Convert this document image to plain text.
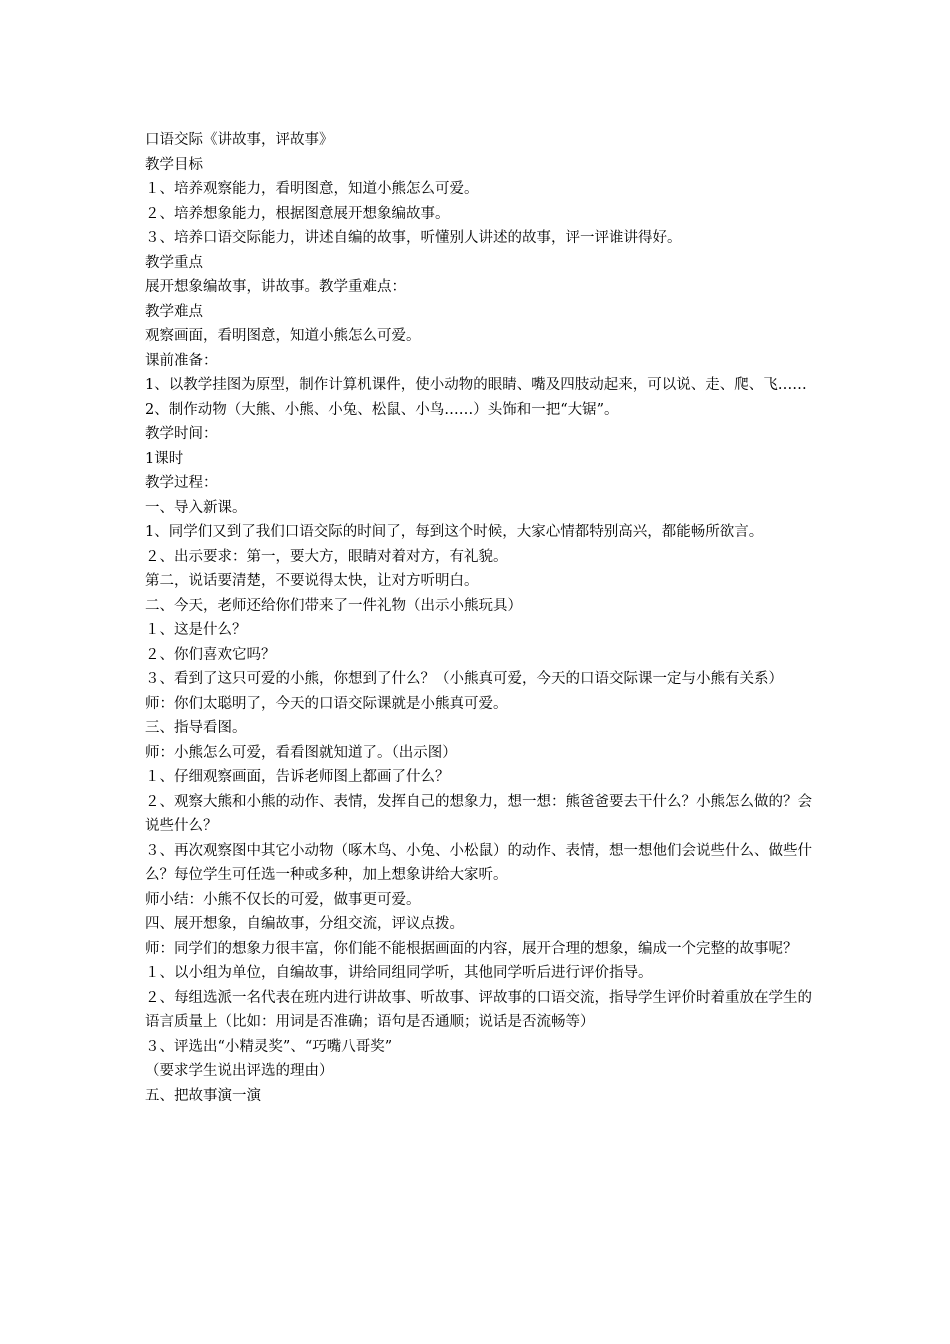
口语交际《讲故事，评故事》

教学目标

１、培养观察能力，看明图意，知道小熊怎么可爱。

２、培养想象能力，根据图意展开想象编故事。

３、培养口语交际能力，讲述自编的故事，听懂别人讲述的故事，评一评谁讲得好。

教学重点

展开想象编故事，讲故事。教学重难点：

教学难点

观察画面，看明图意，知道小熊怎么可爱。

课前准备：

1、以教学挂图为原型，制作计算机课件，使小动物的眼睛、嘴及四肢动起来，可以说、走、爬、飞……

2、制作动物（大熊、小熊、小兔、松鼠、小鸟……）头饰和一把“大锯”。

教学时间：

1课时

教学过程：

一、导入新课。

1、同学们又到了我们口语交际的时间了，每到这个时候，大家心情都特别高兴，都能畅所欲言。

２、出示要求：第一，要大方，眼睛对着对方，有礼貌。

第二，说话要清楚，不要说得太快，让对方听明白。

二、今天，老师还给你们带来了一件礼物（出示小熊玩具）

１、这是什么？

２、你们喜欢它吗？

３、看到了这只可爱的小熊，你想到了什么？（小熊真可爱，今天的口语交际课一定与小熊有关系）

师：你们太聪明了，今天的口语交际课就是小熊真可爱。

三、指导看图。

师：小熊怎么可爱，看看图就知道了。（出示图）

１、仔细观察画面，告诉老师图上都画了什么？

２、观察大熊和小熊的动作、表情，发挥自己的想象力，想一想：熊爸爸要去干什么？小熊怎么做的？会说些什么？

３、再次观察图中其它小动物（啄木鸟、小兔、小松鼠）的动作、表情，想一想他们会说些什么、做些什么？每位学生可任选一种或多种，加上想象讲给大家听。

师小结：小熊不仅长的可爱，做事更可爱。

四、展开想象，自编故事，分组交流，评议点拨。

师：同学们的想象力很丰富，你们能不能根据画面的内容，展开合理的想象，编成一个完整的故事呢？

１、以小组为单位，自编故事，讲给同组同学听，其他同学听后进行评价指导。

２、每组选派一名代表在班内进行讲故事、听故事、评故事的口语交流，指导学生评价时着重放在学生的语言质量上（比如：用词是否准确；语句是否通顺；说话是否流畅等）

３、评选出“小精灵奖”、“巧嘴八哥奖”

（要求学生说出评选的理由）

五、把故事演一演
